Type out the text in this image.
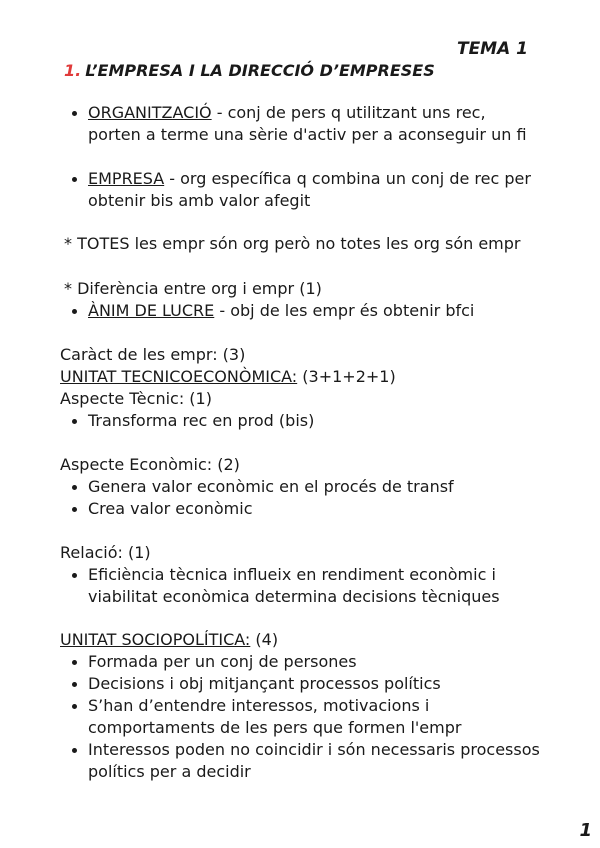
TEMA 1
1. L’EMPRESA I LA DIRECCIÓ D’EMPRESES
ORGANITZACIÓ - conj de pers q utilitzant uns rec, porten a terme una sèrie d'activ per a aconseguir un fi
EMPRESA - org específica q combina un conj de rec per obtenir bis amb valor afegit
* TOTES les empr són org però no totes les org són empr
* Diferència entre org i empr (1)
ÀNIM DE LUCRE - obj de les empr és obtenir bfci
Caràct de les empr: (3)
UNITAT TECNICOECONÒMICA: (3+1+2+1)
Aspecte Tècnic: (1)
Transforma rec en prod (bis)
Aspecte Econòmic: (2)
Genera valor econòmic en el procés de transf
Crea valor econòmic
Relació: (1)
Eficiència tècnica influeix en rendiment econòmic i viabilitat econòmica determina decisions tècniques
UNITAT SOCIOPOLÍTICA: (4)
Formada per un conj de persones
Decisions i obj mitjançant processos polítics
S’han d’entendre interessos, motivacions i comportaments de les pers que formen l'empr
Interessos poden no coincidir i són necessaris processos polítics per a decidir
1
